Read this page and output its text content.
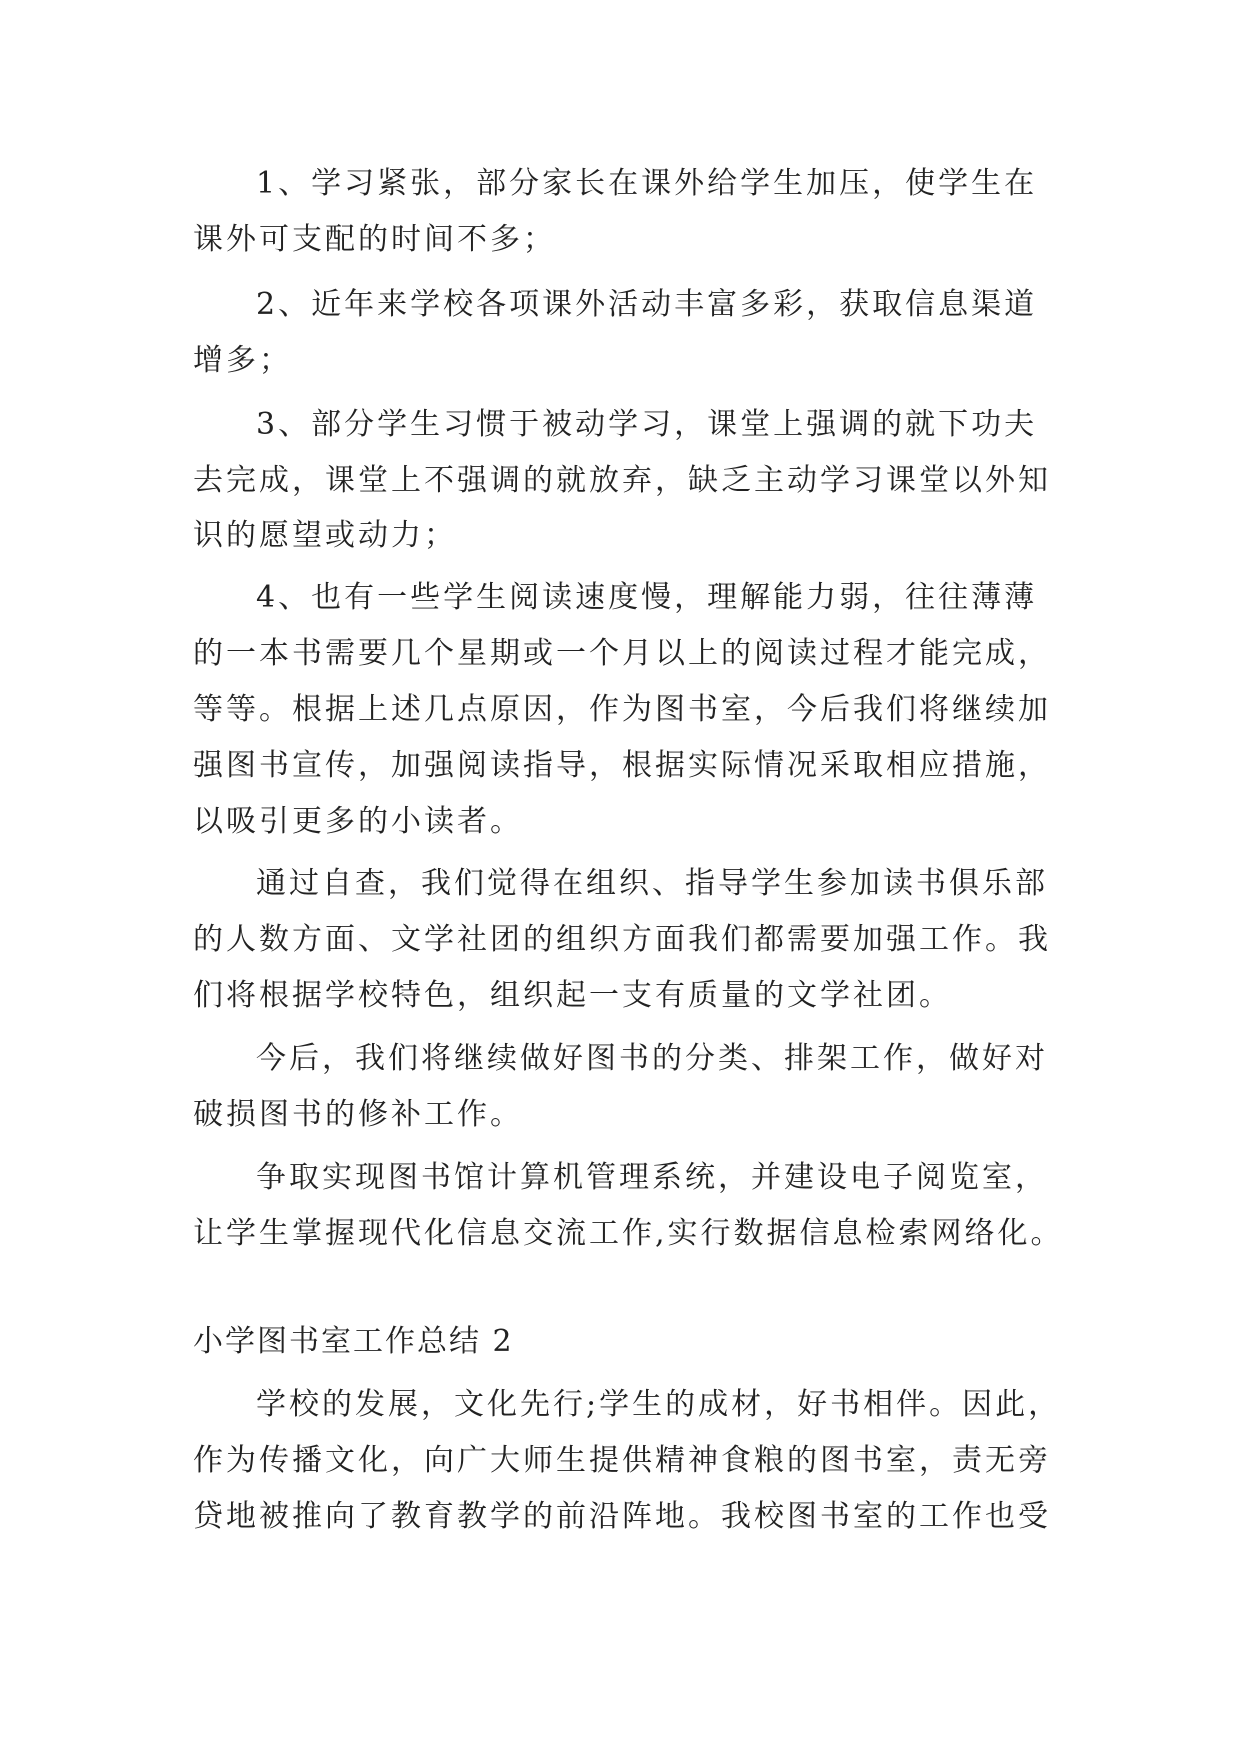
1、学习紧张，部分家长在课外给学生加压，使学生在
课外可支配的时间不多；
2、近年来学校各项课外活动丰富多彩，获取信息渠道
增多；
3、部分学生习惯于被动学习，课堂上强调的就下功夫
去完成，课堂上不强调的就放弃，缺乏主动学习课堂以外知
识的愿望或动力；
4、也有一些学生阅读速度慢，理解能力弱，往往薄薄
的一本书需要几个星期或一个月以上的阅读过程才能完成，
等等。根据上述几点原因，作为图书室，今后我们将继续加
强图书宣传，加强阅读指导，根据实际情况采取相应措施，
以吸引更多的小读者。
通过自查，我们觉得在组织、指导学生参加读书俱乐部
的人数方面、文学社团的组织方面我们都需要加强工作。我
们将根据学校特色，组织起一支有质量的文学社团。
今后，我们将继续做好图书的分类、排架工作，做好对
破损图书的修补工作。
争取实现图书馆计算机管理系统，并建设电子阅览室，
让学生掌握现代化信息交流工作,实行数据信息检索网络化。
小学图书室工作总结 2
学校的发展，文化先行;学生的成材，好书相伴。因此，
作为传播文化，向广大师生提供精神食粮的图书室，责无旁
贷地被推向了教育教学的前沿阵地。我校图书室的工作也受
